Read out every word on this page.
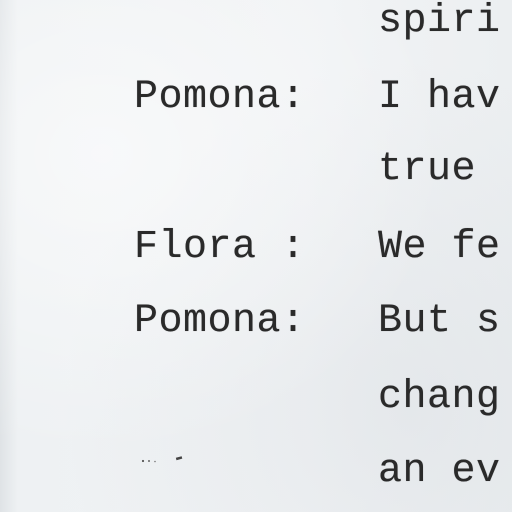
spiri
Pomona: I hav
true
Flora : We fe
Pomona: But s
chang
an ev
